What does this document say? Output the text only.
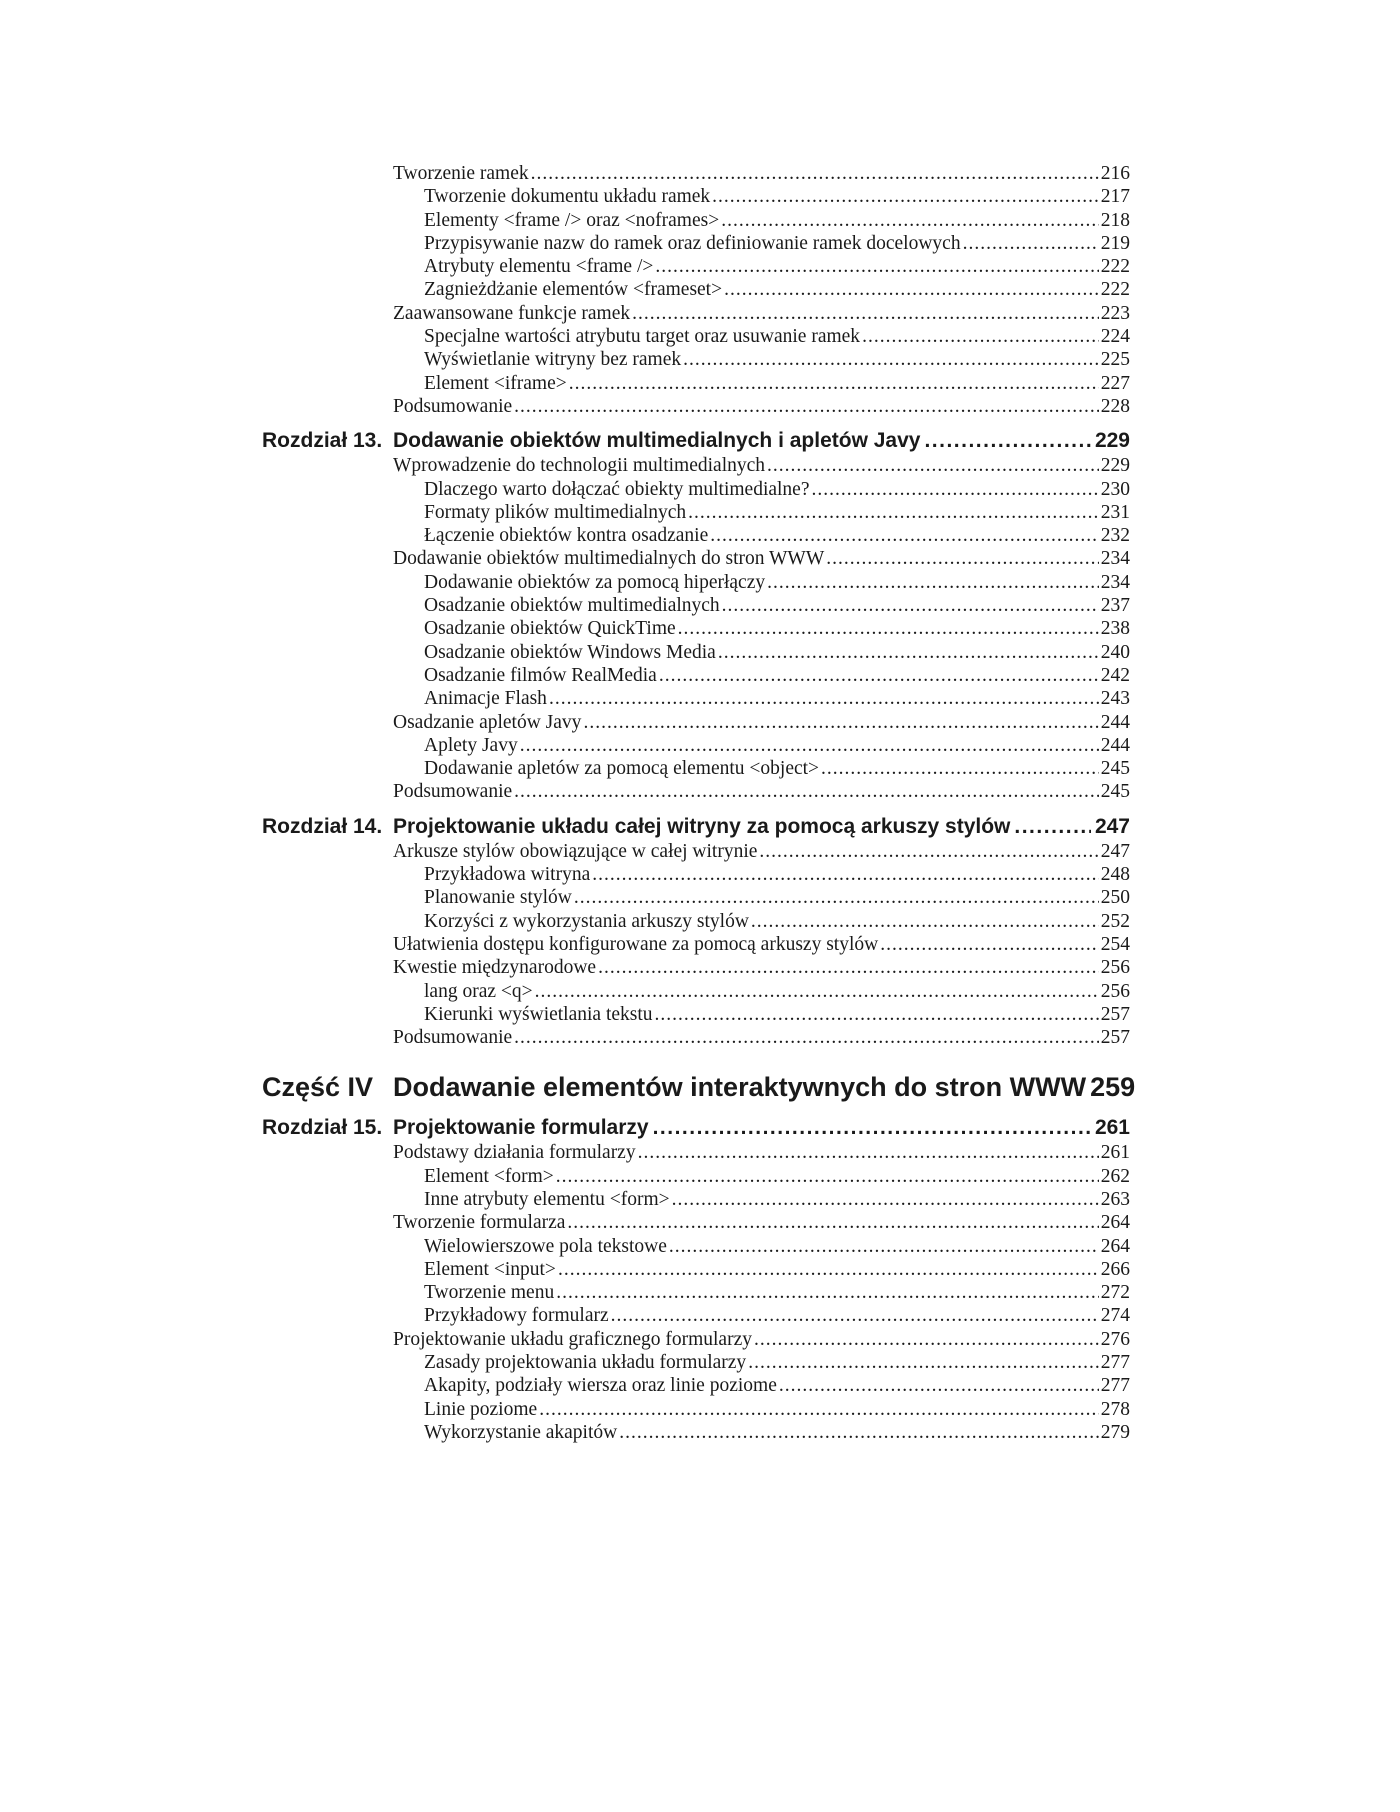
Tworzenie ramek .....	216
Tworzenie dokumentu układu ramek .....	217
Elementy <frame /> oraz <noframes> .....	218
Przypisywanie nazw do ramek oraz definiowanie ramek docelowych .....	219
Atrybuty elementu <frame /> .....	222
Zagnieżdżanie elementów <frameset> .....	222
Zaawansowane funkcje ramek .....	223
Specjalne wartości atrybutu target oraz usuwanie ramek .....	224
Wyświetlanie witryny bez ramek .....	225
Element <iframe> .....	227
Podsumowanie .....	228
Rozdział 13. Dodawanie obiektów multimedialnych i apletów Javy .....	229
Wprowadzenie do technologii multimedialnych .....	229
Dlaczego warto dołączać obiekty multimedialne? .....	230
Formaty plików multimedialnych .....	231
Łączenie obiektów kontra osadzanie .....	232
Dodawanie obiektów multimedialnych do stron WWW .....	234
Dodawanie obiektów za pomocą hiperłączy .....	234
Osadzanie obiektów multimedialnych .....	237
Osadzanie obiektów QuickTime .....	238
Osadzanie obiektów Windows Media .....	240
Osadzanie filmów RealMedia .....	242
Animacje Flash .....	243
Osadzanie apletów Javy .....	244
Aplety Javy .....	244
Dodawanie apletów za pomocą elementu <object> .....	245
Podsumowanie .....	245
Rozdział 14. Projektowanie układu całej witryny za pomocą arkuszy stylów .....	247
Arkusze stylów obowiązujące w całej witrynie .....	247
Przykładowa witryna .....	248
Planowanie stylów .....	250
Korzyści z wykorzystania arkuszy stylów .....	252
Ułatwienia dostępu konfigurowane za pomocą arkuszy stylów .....	254
Kwestie międzynarodowe .....	256
lang oraz <q> .....	256
Kierunki wyświetlania tekstu .....	257
Podsumowanie .....	257
Część IV Dodawanie elementów interaktywnych do stron WWW 259
Rozdział 15. Projektowanie formularzy .....	261
Podstawy działania formularzy .....	261
Element <form> .....	262
Inne atrybuty elementu <form> .....	263
Tworzenie formularza .....	264
Wielowierszowe pola tekstowe .....	264
Element <input> .....	266
Tworzenie menu .....	272
Przykładowy formularz .....	274
Projektowanie układu graficznego formularzy .....	276
Zasady projektowania układu formularzy .....	277
Akapity, podziały wiersza oraz linie poziome .....	277
Linie poziome .....	278
Wykorzystanie akapitów .....	279
